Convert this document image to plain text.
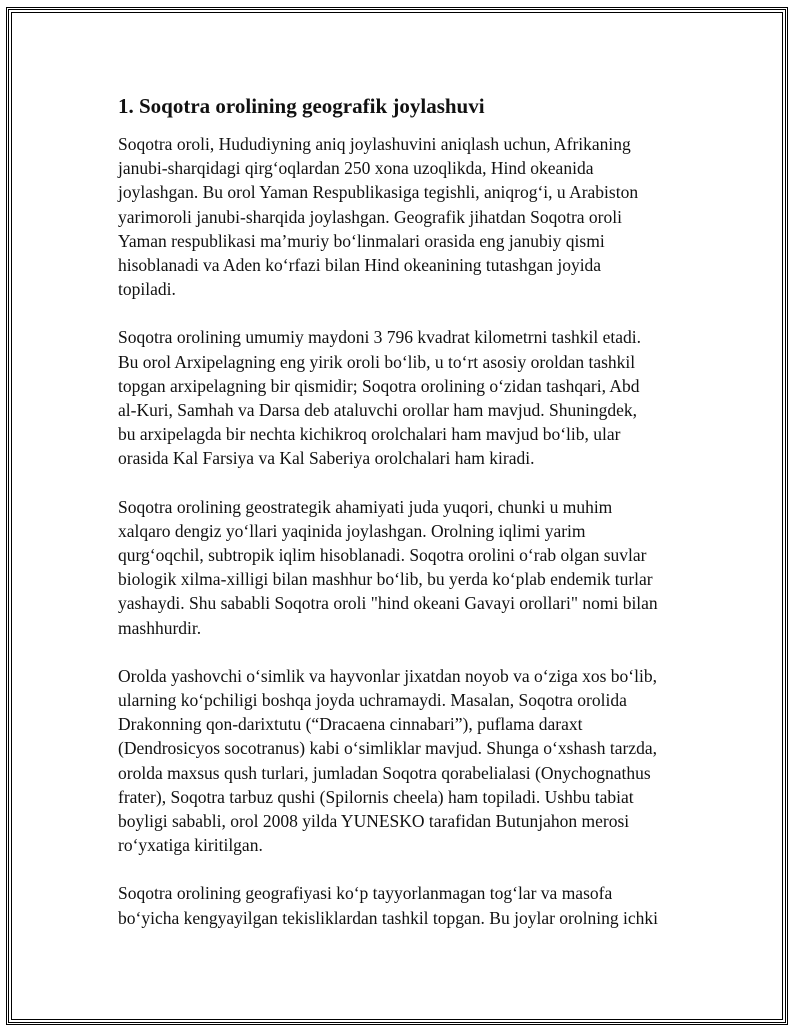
1. Soqotra orolining geografik joylashuvi

Soqotra oroli, Hududiyning aniq joylashuvini aniqlash uchun, Afrikaning
janubi-sharqidagi qirg‘oqlardan 250 xona uzoqlikda, Hind okeanida
joylashgan. Bu orol Yaman Respublikasiga tegishli, aniqrog‘i, u Arabiston
yarimoroli janubi-sharqida joylashgan. Geografik jihatdan Soqotra oroli
Yaman respublikasi ma’muriy bo‘linmalari orasida eng janubiy qismi
hisoblanadi va Aden ko‘rfazi bilan Hind okeanining tutashgan joyida
topiladi.

Soqotra orolining umumiy maydoni 3 796 kvadrat kilometrni tashkil etadi.
Bu orol Arxipelagning eng yirik oroli bo‘lib, u to‘rt asosiy oroldan tashkil
topgan arxipelagning bir qismidir; Soqotra orolining o‘zidan tashqari, Abd
al-Kuri, Samhah va Darsa deb ataluvchi orollar ham mavjud. Shuningdek,
bu arxipelagda bir nechta kichikroq orolchalari ham mavjud bo‘lib, ular
orasida Kal Farsiya va Kal Saberiya orolchalari ham kiradi.

Soqotra orolining geostrategik ahamiyati juda yuqori, chunki u muhim
xalqaro dengiz yo‘llari yaqinida joylashgan. Orolning iqlimi yarim
qurg‘oqchil, subtropik iqlim hisoblanadi. Soqotra orolini o‘rab olgan suvlar
biologik xilma-xilligi bilan mashhur bo‘lib, bu yerda ko‘plab endemik turlar
yashaydi. Shu sababli Soqotra oroli "hind okeani Gavayi orollari" nomi bilan
mashhurdir.

Orolda yashovchi o‘simlik va hayvonlar jixatdan noyob va o‘ziga xos bo‘lib,
ularning ko‘pchiligi boshqa joyda uchramaydi. Masalan, Soqotra orolida
Drakonning qon-darixtutu (“Dracaena cinnabari”), puflama daraxt
(Dendrosicyos socotranus) kabi o‘simliklar mavjud. Shunga o‘xshash tarzda,
orolda maxsus qush turlari, jumladan Soqotra qorabelialasi (Onychognathus
frater), Soqotra tarbuz qushi (Spilornis cheela) ham topiladi. Ushbu tabiat
boyligi sababli, orol 2008 yilda YUNESKO tarafidan Butunjahon merosi
ro‘yxatiga kiritilgan.

Soqotra orolining geografiyasi ko‘p tayyorlanmagan tog‘lar va masofa
bo‘yicha kengyayilgan tekisliklardan tashkil topgan. Bu joylar orolning ichki
